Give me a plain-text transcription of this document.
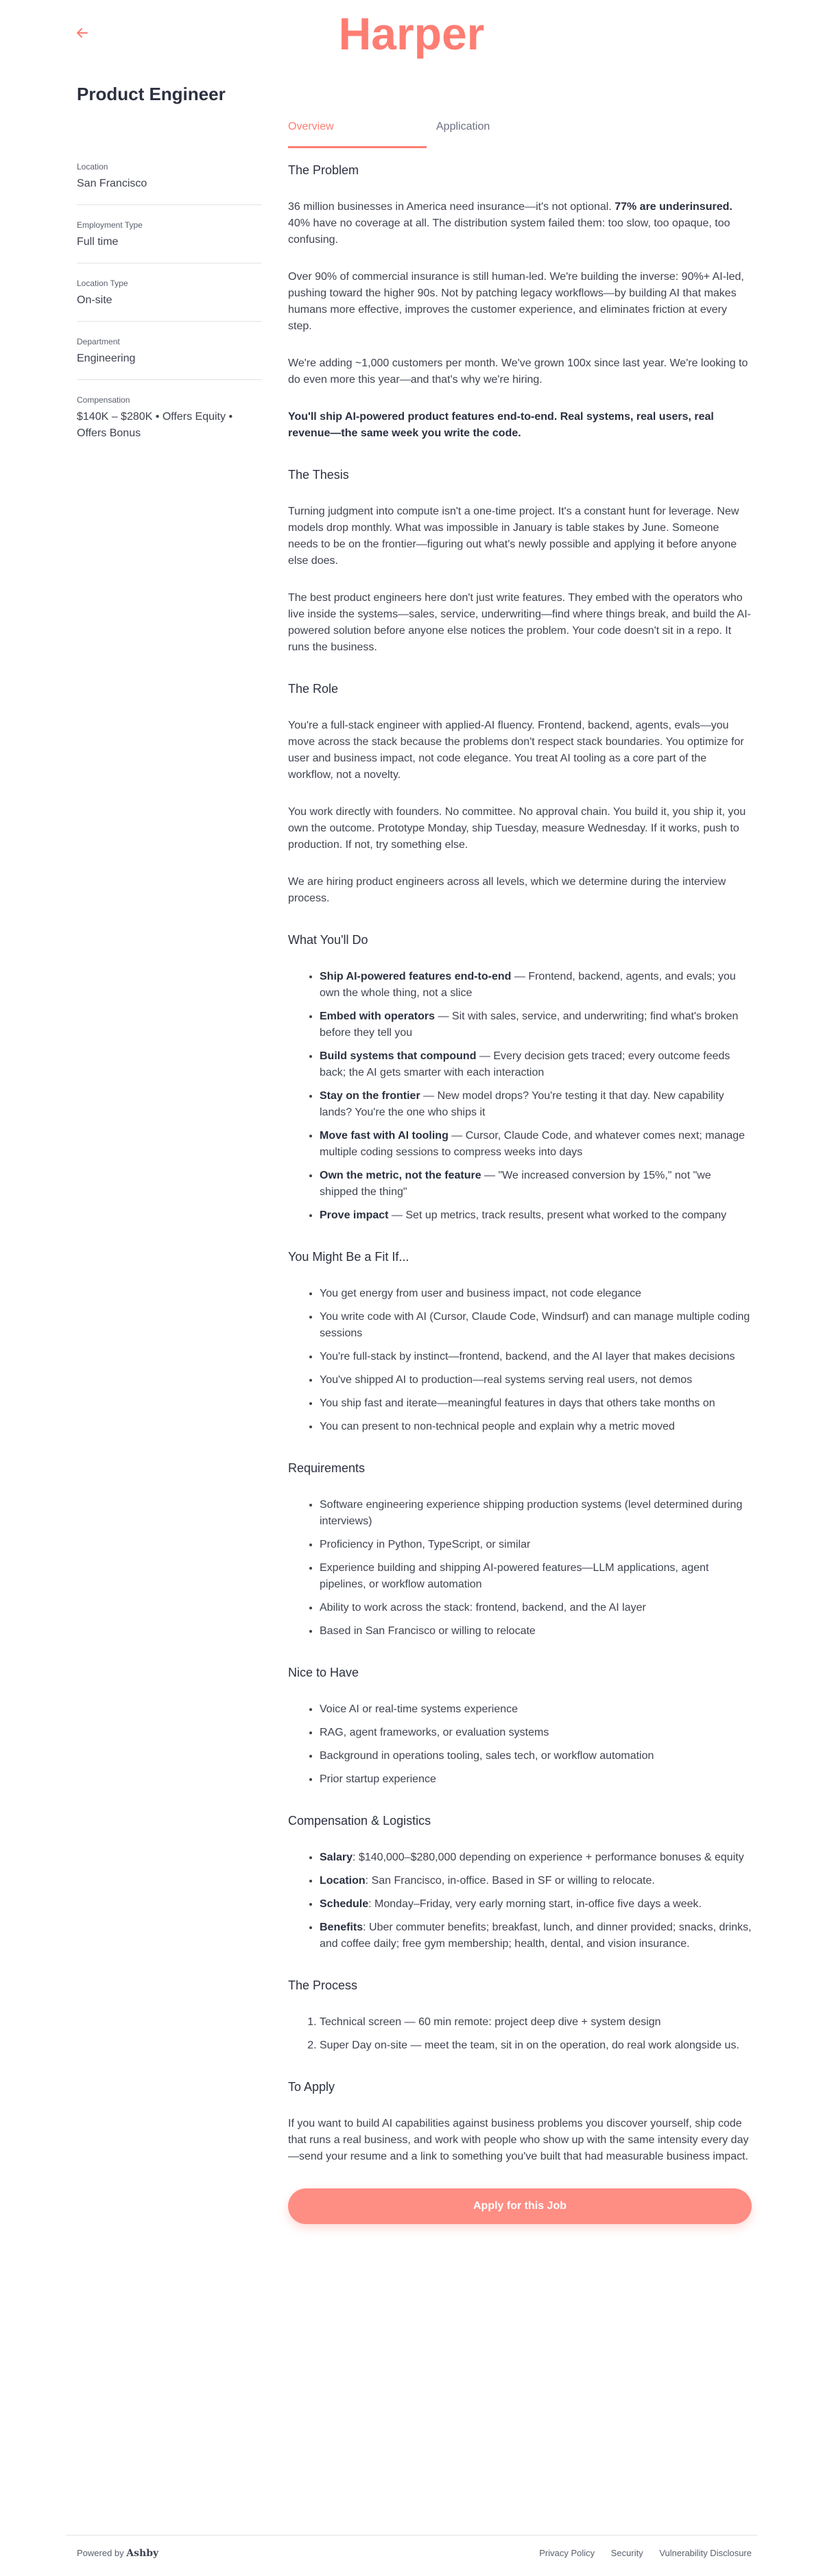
Harper
Product Engineer
Overview	Application
Location
San Francisco
Employment Type
Full time
Location Type
On-site
Department
Engineering
Compensation
$140K – $280K • Offers Equity • Offers Bonus
The Problem

36 million businesses in America need insurance—it's not optional. 77% are underinsured. 40% have no coverage at all. The distribution system failed them: too slow, too opaque, too confusing.

Over 90% of commercial insurance is still human-led. We're building the inverse: 90%+ AI-led, pushing toward the higher 90s. Not by patching legacy workflows—by building AI that makes humans more effective, improves the customer experience, and eliminates friction at every step.

We're adding ~1,000 customers per month. We've grown 100x since last year. We're looking to do even more this year—and that's why we're hiring.

You'll ship AI-powered product features end-to-end. Real systems, real users, real revenue—the same week you write the code.

The Thesis

Turning judgment into compute isn't a one-time project. It's a constant hunt for leverage. New models drop monthly. What was impossible in January is table stakes by June. Someone needs to be on the frontier—figuring out what's newly possible and applying it before anyone else does.

The best product engineers here don't just write features. They embed with the operators who live inside the systems—sales, service, underwriting—find where things break, and build the AI-powered solution before anyone else notices the problem. Your code doesn't sit in a repo. It runs the business.

The Role

You're a full-stack engineer with applied-AI fluency. Frontend, backend, agents, evals—you move across the stack because the problems don't respect stack boundaries. You optimize for user and business impact, not code elegance. You treat AI tooling as a core part of the workflow, not a novelty.

You work directly with founders. No committee. No approval chain. You build it, you ship it, you own the outcome. Prototype Monday, ship Tuesday, measure Wednesday. If it works, push to production. If not, try something else.

We are hiring product engineers across all levels, which we determine during the interview process.

What You'll Do
• Ship AI-powered features end-to-end — Frontend, backend, agents, and evals; you own the whole thing, not a slice
• Embed with operators — Sit with sales, service, and underwriting; find what's broken before they tell you
• Build systems that compound — Every decision gets traced; every outcome feeds back; the AI gets smarter with each interaction
• Stay on the frontier — New model drops? You're testing it that day. New capability lands? You're the one who ships it
• Move fast with AI tooling — Cursor, Claude Code, and whatever comes next; manage multiple coding sessions to compress weeks into days
• Own the metric, not the feature — "We increased conversion by 15%," not "we shipped the thing"
• Prove impact — Set up metrics, track results, present what worked to the company
You Might Be a Fit If...
• You get energy from user and business impact, not code elegance
• You write code with AI (Cursor, Claude Code, Windsurf) and can manage multiple coding sessions
• You're full-stack by instinct—frontend, backend, and the AI layer that makes decisions
• You've shipped AI to production—real systems serving real users, not demos
• You ship fast and iterate—meaningful features in days that others take months on
• You can present to non-technical people and explain why a metric moved
Requirements
• Software engineering experience shipping production systems (level determined during interviews)
• Proficiency in Python, TypeScript, or similar
• Experience building and shipping AI-powered features—LLM applications, agent pipelines, or workflow automation
• Ability to work across the stack: frontend, backend, and the AI layer
• Based in San Francisco or willing to relocate
Nice to Have
• Voice AI or real-time systems experience
• RAG, agent frameworks, or evaluation systems
• Background in operations tooling, sales tech, or workflow automation
• Prior startup experience
Compensation & Logistics
• Salary: $140,000–$280,000 depending on experience + performance bonuses & equity
• Location: San Francisco, in-office. Based in SF or willing to relocate.
• Schedule: Monday–Friday, very early morning start, in-office five days a week.
• Benefits: Uber commuter benefits; breakfast, lunch, and dinner provided; snacks, drinks, and coffee daily; free gym membership; health, dental, and vision insurance.
The Process
1. Technical screen — 60 min remote: project deep dive + system design
2. Super Day on-site — meet the team, sit in on the operation, do real work alongside us.
To Apply

If you want to build AI capabilities against business problems you discover yourself, ship code that runs a real business, and work with people who show up with the same intensity every day—send your resume and a link to something you've built that had measurable business impact.

Apply for this Job
Powered by Ashby	Privacy Policy Security Vulnerability Disclosure
